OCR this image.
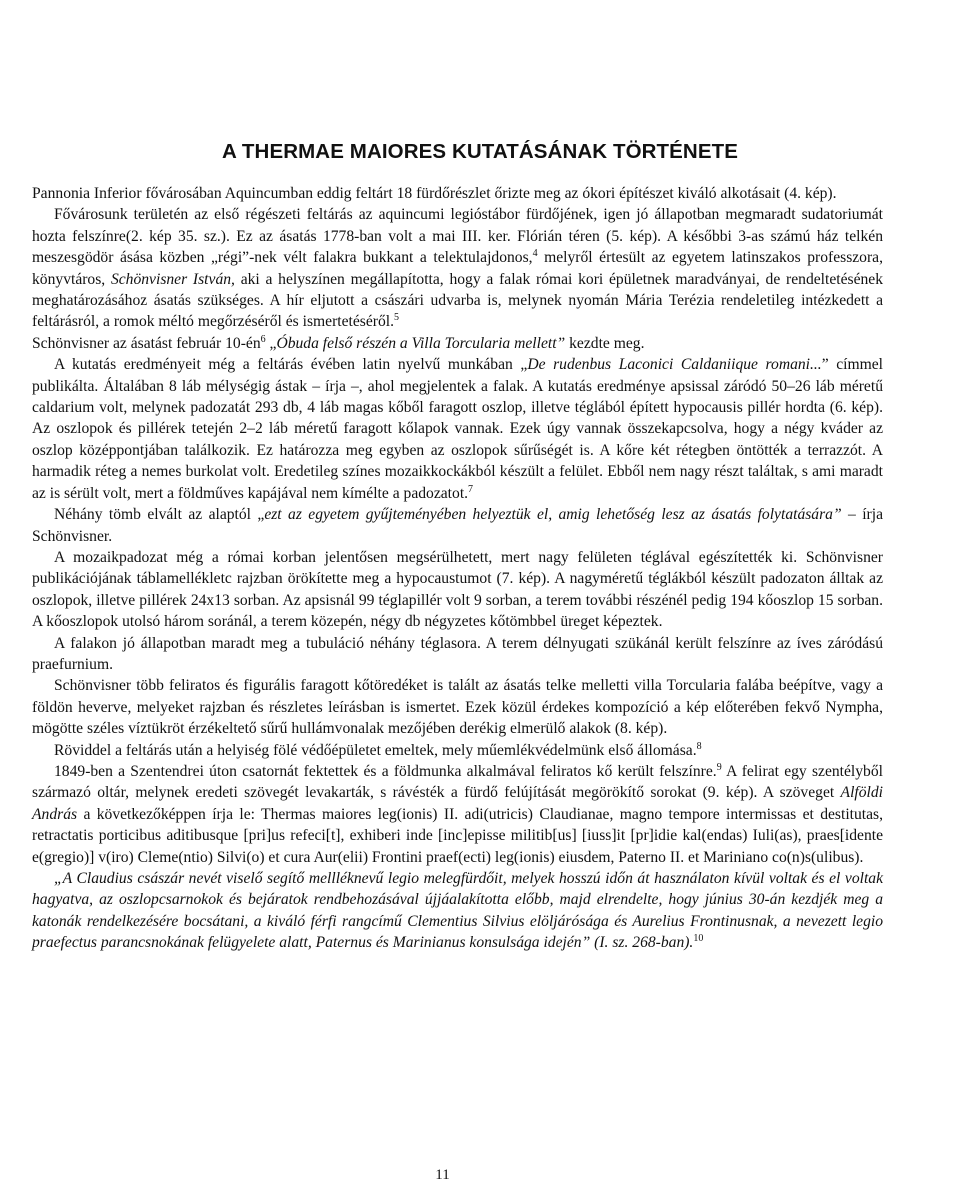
A THERMAE MAIORES KUTATÁSÁNAK TÖRTÉNETE

Pannonia Inferior fővárosában Aquincumban eddig feltárt 18 fürdőrészlet őrizte meg az ókori építészet kiváló alkotásait (4. kép).

Fővárosunk területén az első régészeti feltárás az aquincumi legióstábor fürdőjének, igen jó állapotban megmaradt sudatoriumát hozta felszínre(2. kép 35. sz.). Ez az ásatás 1778-ban volt a mai III. ker. Flórián téren (5. kép). A későbbi 3-as számú ház telkén meszesgödör ásása közben „régi”-nek vélt falakra bukkant a telektulajdonos,$^4$ melyről értesült az egyetem latinszakos professzora, könyvtáros, Schönvisner István, aki a helyszínen megállapította, hogy a falak római kori épületnek maradványai, de rendeltetésének meghatározásához ásatás szükséges. A hír eljutott a császári udvarba is, melynek nyomán Mária Terézia rendeletileg intézkedett a feltárásról, a romok méltó megőrzéséről és ismertetéséről.$^5$

Schönvisner az ásatást február $10-én^6$ „Óbuda felső részén a Villa Torcularia mellett” kezdte meg.

A kutatás eredményeit még a feltárás évében latin nyelvű munkában „De rudenbus Laconici Caldaniique romani...” címmel publikálta. Általában 8 láb mélységig ástak – írja –, ahol megjelentek a falak. A kutatás eredménye apsissal záródó 50–26 láb méretű caldarium volt, melynek padozatát 293 db, 4 láb magas kőből faragott oszlop, illetve téglából épített hypocausis pillér hordta (6. kép). Az oszlopok és pillérek tetején 2–2 láb méretű faragott kőlapok vannak. Ezek úgy vannak összekapcsolva, hogy a négy kváder az oszlop középpontjában találkozik. Ez határozza meg egyben az oszlopok sűrűségét is. A kőre két rétegben öntötték a terrazzót. A harmadik réteg a nemes burkolat volt. Eredetileg színes mozaikkockákból készült a felület. Ebből nem nagy részt találtak, s ami maradt az is sérült volt, mert a földműves kapájával nem kímélte a padozatot.$^7$

Néhány tömb elvált az alaptól „ezt az egyetem gyűjteményében helyeztük el, amig lehetőség lesz az ásatás folytatására” – írja Schönvisner.

A mozaikpadozat még a római korban jelentősen megsérülhetett, mert nagy felületen téglával egészítették ki. Schönvisner publikációjának táblamellékletc rajzban örökítette meg a hypocaustumot (7. kép). A nagyméretű téglákból készült padozaton álltak az oszlopok, illetve pillérek 24x13 sorban. Az apsisnál 99 téglapillér volt 9 sorban, a terem további részénél pedig 194 kőoszlop 15 sorban. A kőoszlopok utolsó három soránál, a terem közepén, négy db négyzetes kőtömbbel üreget képeztek.

A falakon jó állapotban maradt meg a tubuláció néhány téglasora. A terem délnyugati szükánál került felszínre az íves záródású praefurnium.

Schönvisner több feliratos és figurális faragott kőtöredéket is talált az ásatás telke melletti villa Torcularia falába beépítve, vagy a földön heverve, melyeket rajzban és részletes leírásban is ismertet. Ezek közül érdekes kompozíció a kép előterében fekvő Nympha, mögötte széles víztükröt érzékeltető sűrű hullámvonalak mezőjében derékig elmerülő alakok (8. kép).

Röviddel a feltárás után a helyiség fölé védőépületet emeltek, mely műemlékvédelmünk első állomása.$^8$

1849-ben a Szentendrei úton csatornát fektettek és a földmunka alkalmával feliratos kő került felszínre.$^9$ A felirat egy szentélyből származó oltár, melynek eredeti szövegét levakarták, s rávésték a fürdő felújítását megörökítő sorokat (9. kép). A szöveget Alföldi András a következőképpen írja le: Thermas maiores leg(ionis) II. adi(utricis) Claudianae, magno tempore intermissas et destitutas, retractatis porticibus aditibusque [pri]us refeci[t], exhiberi inde [inc]episse militib[us] [iuss]it [pr]idie kal(endas) Iuli(as), praes[idente e(gregio)] v(iro) Cleme(ntio) Silvi(o) et cura Aur(elii) Frontini praef(ecti) leg(ionis) eiusdem, Paterno II. et Mariniano co(n)s(ulibus).

„A Claudius császár nevét viselő segítő mellléknevű legio melegfürdőit, melyek hosszú időn át használaton kívül voltak és el voltak hagyatva, az oszlopcsarnokok és bejáratok rendbehozásával újjáalakította előbb, majd elrendelte, hogy június 30-án kezdjék meg a katonák rendelkezésére bocsátani, a kiváló férfi rangcímű Clementius Silvius elöljárósága és Aurelius Frontinusnak, a nevezett legio praefectus parancsnokának felügyelete alatt, Paternus és Marinianus konsulsága idején” (I. sz. 268-ban).$^{10}$

11
